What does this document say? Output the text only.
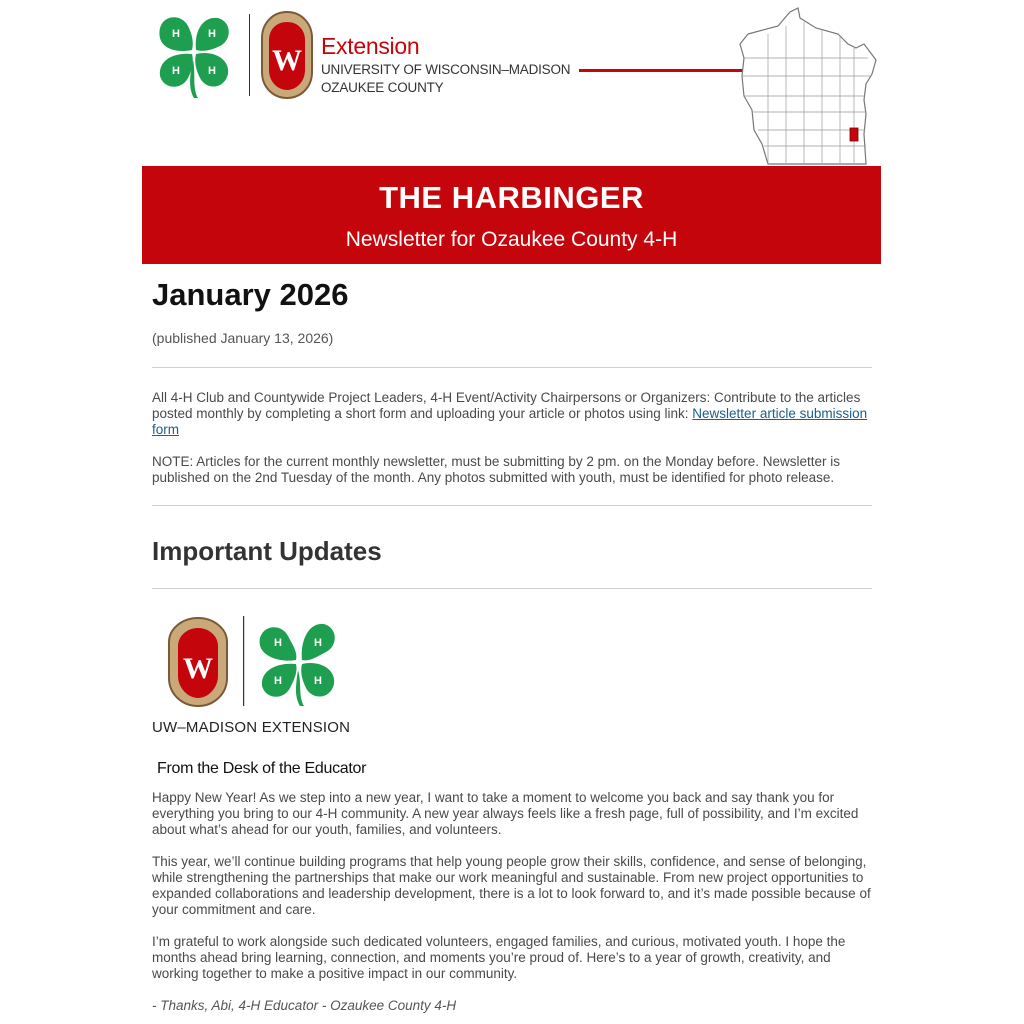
H	H
H	H W Extension
UNIVERSITY OF WISCONSIN–MADISON
OZAUKEE COUNTY
THE HARBINGER
Newsletter for Ozaukee County 4-H
January 2026
(published January 13, 2026)
All 4-H Club and Countywide Project Leaders, 4-H Event/Activity Chairpersons or Organizers: Contribute to the articles posted monthly by completing a short form and uploading your article or photos using link: Newsletter article submission form
NOTE: Articles for the current monthly newsletter, must be submitting by 2 pm. on the Monday before. Newsletter is published on the 2nd Tuesday of the month. Any photos submitted with youth, must be identified for photo release.
Important Updates
W
H	H
H	H
UW–MADISON EXTENSION
From the Desk of the Educator
Happy New Year! As we step into a new year, I want to take a moment to welcome you back and say thank you for everything you bring to our 4-H community. A new year always feels like a fresh page, full of possibility, and I’m excited about what’s ahead for our youth, families, and volunteers.
This year, we’ll continue building programs that help young people grow their skills, confidence, and sense of belonging, while strengthening the partnerships that make our work meaningful and sustainable. From new project opportunities to expanded collaborations and leadership development, there is a lot to look forward to, and it’s made possible because of your commitment and care.
I’m grateful to work alongside such dedicated volunteers, engaged families, and curious, motivated youth. I hope the months ahead bring learning, connection, and moments you’re proud of. Here’s to a year of growth, creativity, and working together to make a positive impact in our community.
- Thanks, Abi, 4-H Educator - Ozaukee County 4-H
